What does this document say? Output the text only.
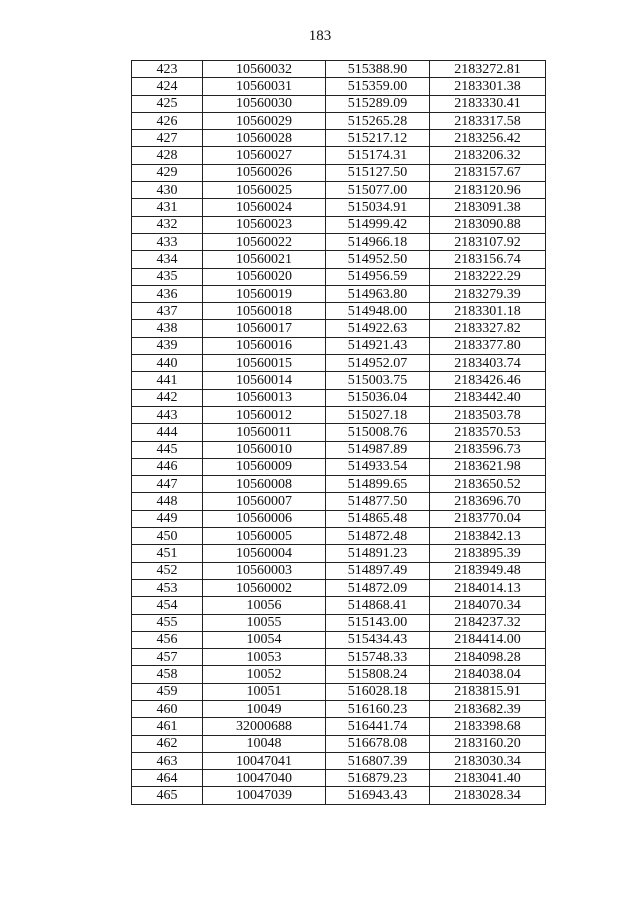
183
423	10560032	515388.90	2183272.81
424	10560031	515359.00	2183301.38
425	10560030	515289.09	2183330.41
426	10560029	515265.28	2183317.58
427	10560028	515217.12	2183256.42
428	10560027	515174.31	2183206.32
429	10560026	515127.50	2183157.67
430	10560025	515077.00	2183120.96
431	10560024	515034.91	2183091.38
432	10560023	514999.42	2183090.88
433	10560022	514966.18	2183107.92
434	10560021	514952.50	2183156.74
435	10560020	514956.59	2183222.29
436	10560019	514963.80	2183279.39
437	10560018	514948.00	2183301.18
438	10560017	514922.63	2183327.82
439	10560016	514921.43	2183377.80
440	10560015	514952.07	2183403.74
441	10560014	515003.75	2183426.46
442	10560013	515036.04	2183442.40
443	10560012	515027.18	2183503.78
444	10560011	515008.76	2183570.53
445	10560010	514987.89	2183596.73
446	10560009	514933.54	2183621.98
447	10560008	514899.65	2183650.52
448	10560007	514877.50	2183696.70
449	10560006	514865.48	2183770.04
450	10560005	514872.48	2183842.13
451	10560004	514891.23	2183895.39
452	10560003	514897.49	2183949.48
453	10560002	514872.09	2184014.13
454	10056	514868.41	2184070.34
455	10055	515143.00	2184237.32
456	10054	515434.43	2184414.00
457	10053	515748.33	2184098.28
458	10052	515808.24	2184038.04
459	10051	516028.18	2183815.91
460	10049	516160.23	2183682.39
461	32000688	516441.74	2183398.68
462	10048	516678.08	2183160.20
463	10047041	516807.39	2183030.34
464	10047040	516879.23	2183041.40
465	10047039	516943.43	2183028.34
